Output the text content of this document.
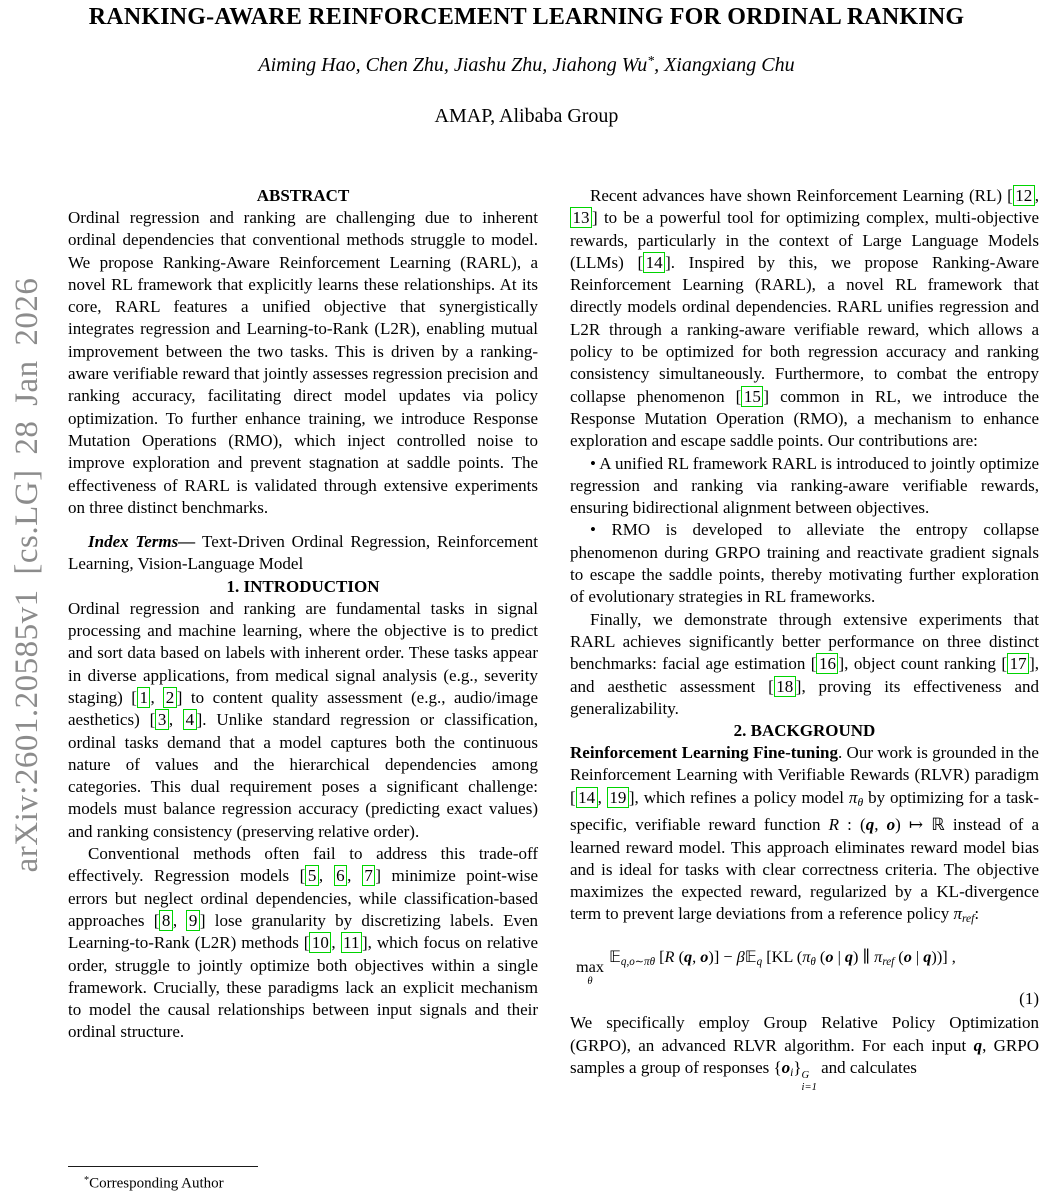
arXiv:2601.20585v1 [cs.LG] 28 Jan 2026
RANKING-AWARE REINFORCEMENT LEARNING FOR ORDINAL RANKING
Aiming Hao, Chen Zhu, Jiashu Zhu, Jiahong Wu*, Xiangxiang Chu
AMAP, Alibaba Group
ABSTRACT

Ordinal regression and ranking are challenging due to inherent ordinal dependencies that conventional methods struggle to model. We propose Ranking-Aware Reinforcement Learning (RARL), a novel RL framework that explicitly learns these relationships. At its core, RARL features a unified objective that synergistically integrates regression and Learning-to-Rank (L2R), enabling mutual improvement between the two tasks. This is driven by a ranking-aware verifiable reward that jointly assesses regression precision and ranking accuracy, facilitating direct model updates via policy optimization. To further enhance training, we introduce Response Mutation Operations (RMO), which inject controlled noise to improve exploration and prevent stagnation at saddle points. The effectiveness of RARL is validated through extensive experiments on three distinct benchmarks.

Index Terms— Text-Driven Ordinal Regression, Reinforcement Learning, Vision-Language Model

1. INTRODUCTION

Ordinal regression and ranking are fundamental tasks in signal processing and machine learning, where the objective is to predict and sort data based on labels with inherent order. These tasks appear in diverse applications, from medical signal analysis (e.g., severity staging) [ 1 , 2 ] to content quality assessment (e.g., audio/image aesthetics) [ 3 , 4 ]. Unlike standard regression or classification, ordinal tasks demand that a model captures both the continuous nature of values and the hierarchical dependencies among categories. This dual requirement poses a significant challenge: models must balance regression accuracy (predicting exact values) and ranking consistency (preserving relative order).

Conventional methods often fail to address this trade-off effectively. Regression models [ 5 , 6 , 7 ] minimize point-wise errors but neglect ordinal dependencies, while classification-based approaches [ 8 , 9 ] lose granularity by discretizing labels. Even Learning-to-Rank (L2R) methods [ 10 , 11 ], which focus on relative order, struggle to jointly optimize both objectives within a single framework. Crucially, these paradigms lack an explicit mechanism to model the causal relationships between input signals and their ordinal structure.

Recent advances have shown Reinforcement Learning (RL) [ 12 , 13 ] to be a powerful tool for optimizing complex, multi-objective rewards, particularly in the context of Large Language Models (LLMs) [ 14 ]. Inspired by this, we propose Ranking-Aware Reinforcement Learning (RARL), a novel RL framework that directly models ordinal dependencies. RARL unifies regression and L2R through a ranking-aware verifiable reward, which allows a policy to be optimized for both regression accuracy and ranking consistency simultaneously. Furthermore, to combat the entropy collapse phenomenon [ 15 ] common in RL, we introduce the Response Mutation Operation (RMO), a mechanism to enhance exploration and escape saddle points. Our contributions are:

• A unified RL framework RARL is introduced to jointly optimize regression and ranking via ranking-aware verifiable rewards, ensuring bidirectional alignment between objectives.

• RMO is developed to alleviate the entropy collapse phenomenon during GRPO training and reactivate gradient signals to escape the saddle points, thereby motivating further exploration of evolutionary strategies in RL frameworks.

Finally, we demonstrate through extensive experiments that RARL achieves significantly better performance on three distinct benchmarks: facial age estimation [ 16 ], object count ranking [ 17 ], and aesthetic assessment [ 18 ], proving its effectiveness and generalizability.

2. BACKGROUND

Reinforcement Learning Fine-tuning. Our work is grounded in the Reinforcement Learning with Verifiable Rewards (RLVR) paradigm [ 14 , 19 ], which refines a policy model πθ by optimizing for a task-specific, verifiable reward function R : (q, o) ↦ ℝ instead of a learned reward model. This approach eliminates reward model bias and is ideal for tasks with clear correctness criteria. The objective maximizes the expected reward, regularized by a KL-divergence term to prevent large deviations from a reference policy πref:

max
θ
𝔼q,o∼πθ [R (q, o)] − β𝔼q [KL (πθ (o | q) ∥ πref (o | q))] ,
(1)

We specifically employ Group Relative Policy Optimization (GRPO), an advanced RLVR algorithm. For each input q, GRPO samples a group of responses {oi} G
i=1
and calculates

*Corresponding Author
